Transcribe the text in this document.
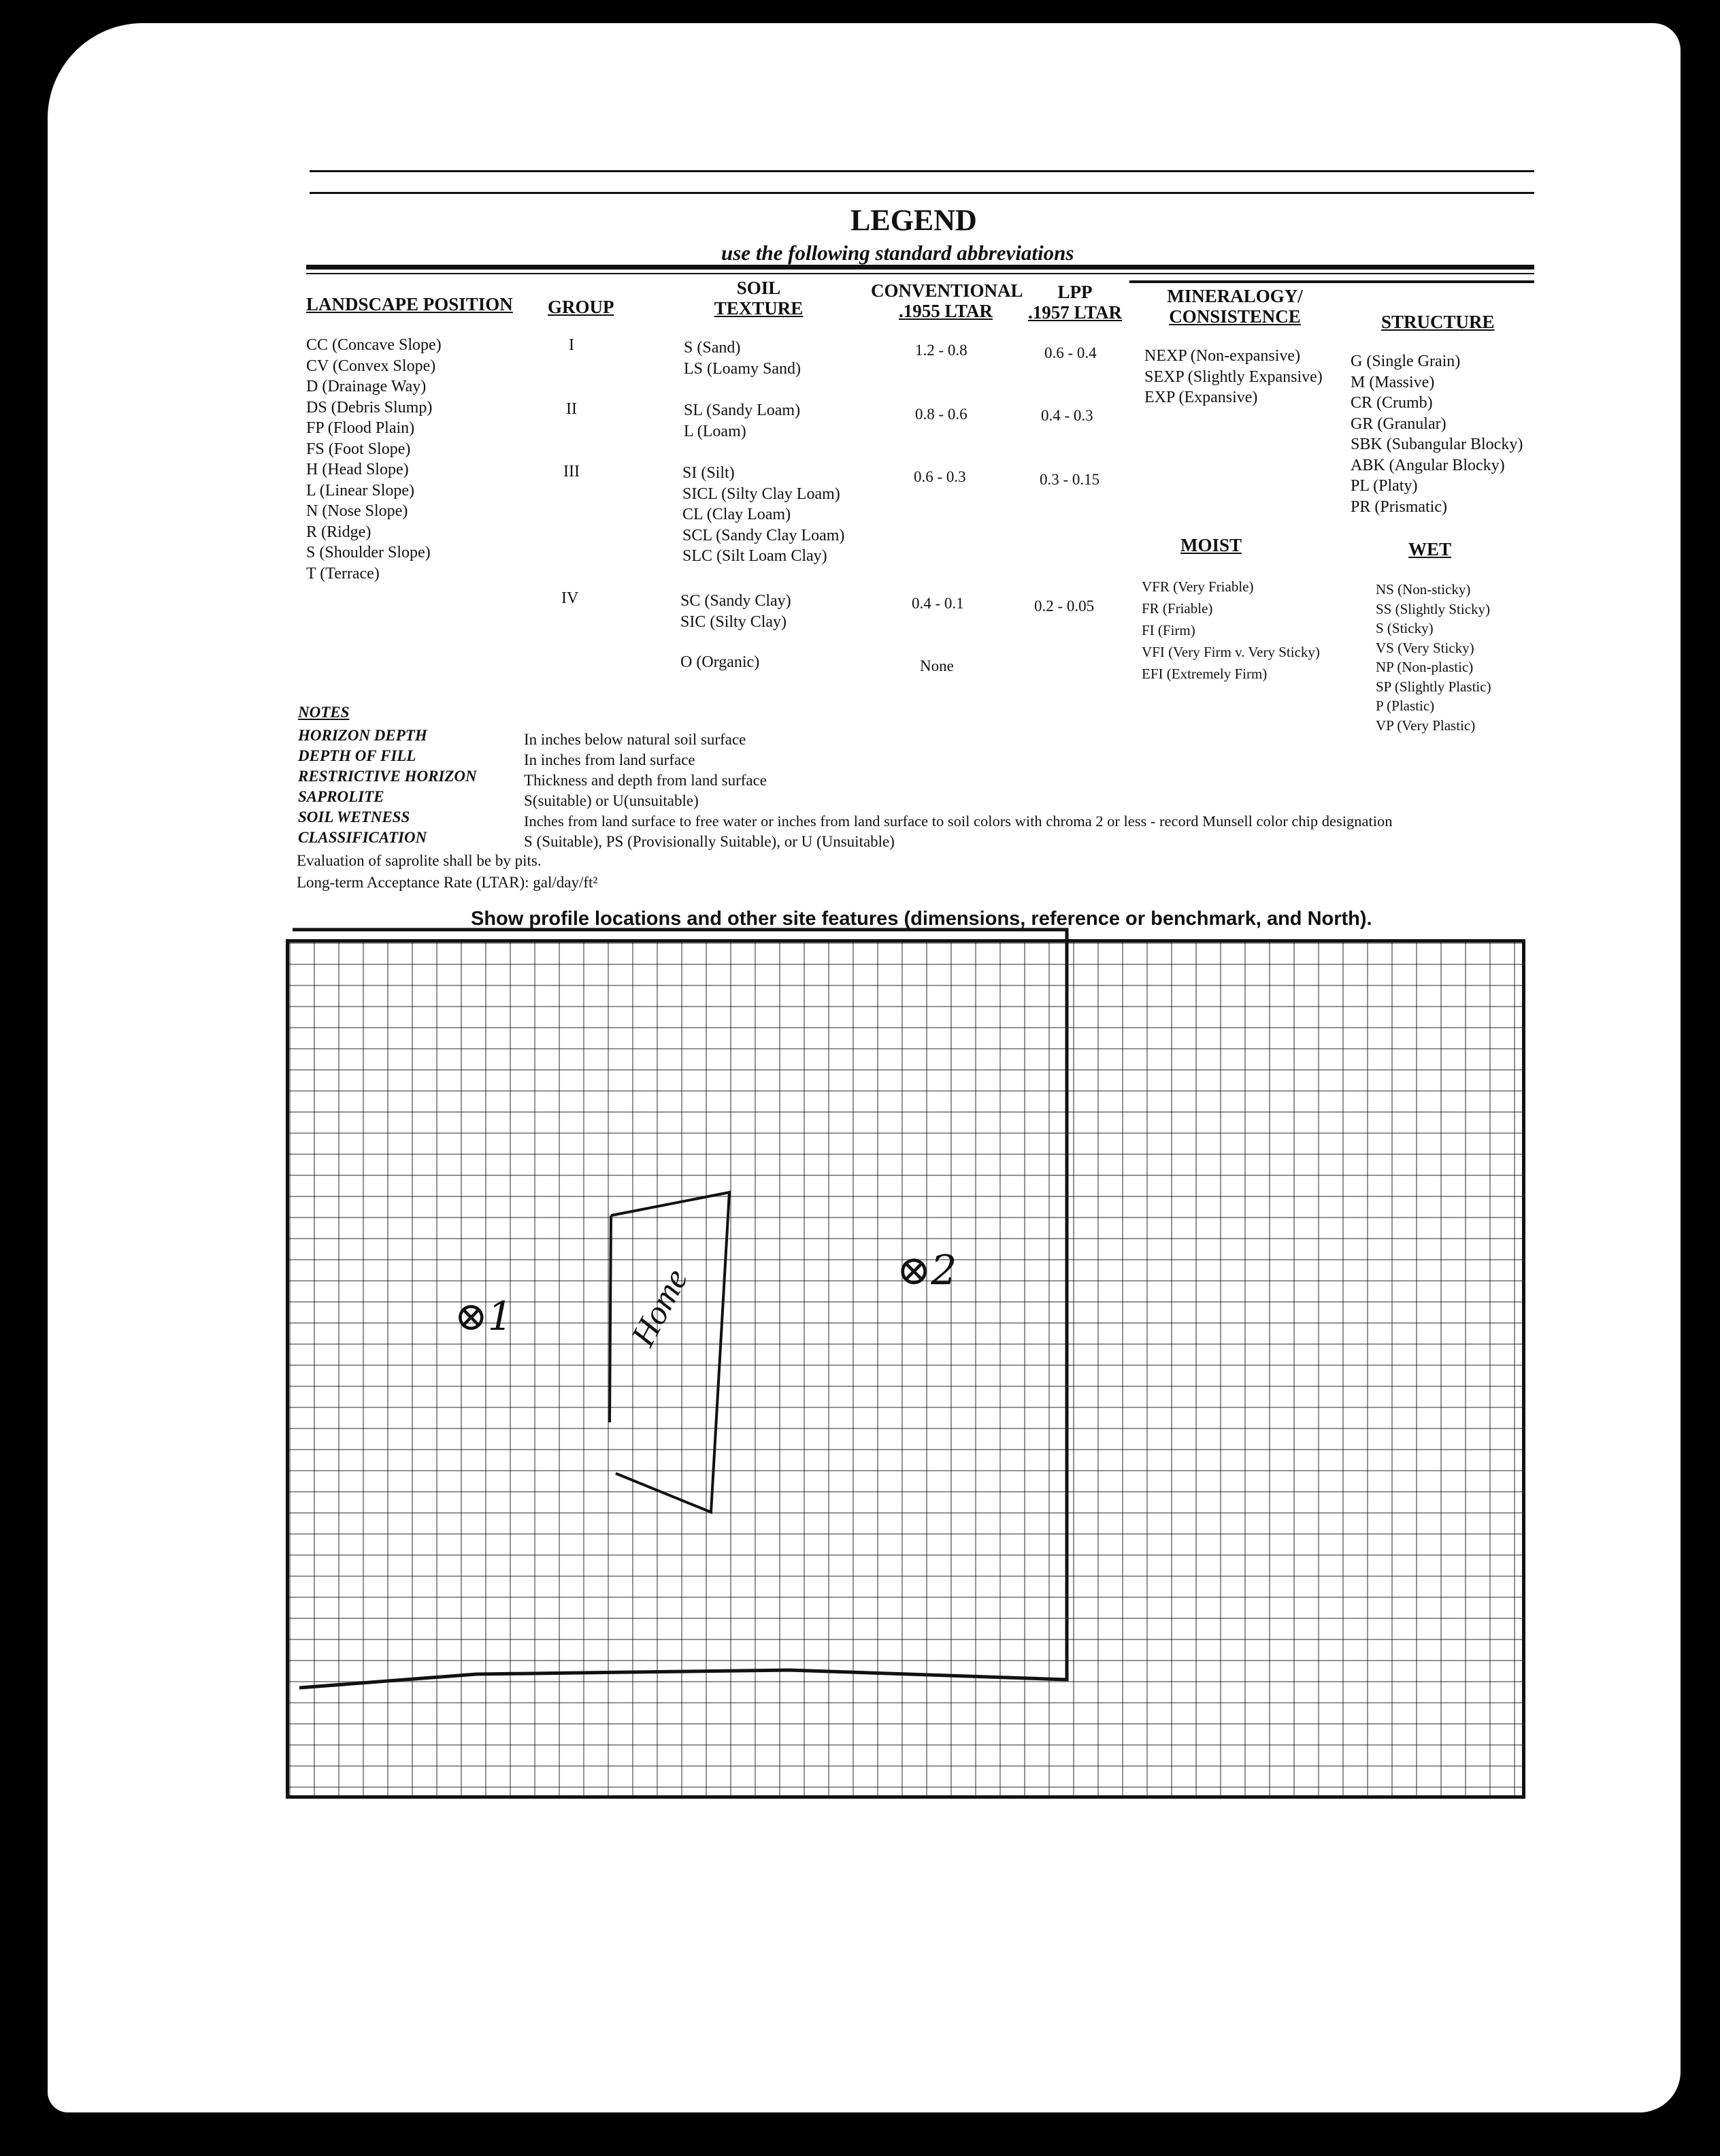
LEGEND
use the following standard abbreviations
LANDSCAPE POSITION GROUP
SOIL
TEXTURE
CONVENTIONAL
.1955 LTAR
LPP
.1957 LTAR
MINERALOGY/
CONSISTENCE	STRUCTURE
CC (Concave Slope)
CV (Convex Slope)
D (Drainage Way)
DS (Debris Slump)
FP (Flood Plain)
FS (Foot Slope)
H (Head Slope)
L (Linear Slope)
N (Nose Slope)
R (Ridge)
S (Shoulder Slope)
T (Terrace)
I
II
III
IV
S (Sand)
LS (Loamy Sand)
SL (Sandy Loam)
L (Loam)
SI (Silt)
SICL (Silty Clay Loam)
CL (Clay Loam)
SCL (Sandy Clay Loam)
SLC (Silt Loam Clay)
SC (Sandy Clay)
SIC (Silty Clay)
O (Organic)
1.2 - 0.8
0.8 - 0.6
0.6 - 0.3
0.4 - 0.1
None
0.6 - 0.4
0.4 - 0.3
0.3 - 0.15
0.2 - 0.05
NEXP (Non-expansive)
SEXP (Slightly Expansive)
EXP (Expansive)
G (Single Grain)
M (Massive)
CR (Crumb)
GR (Granular)
SBK (Subangular Blocky)
ABK (Angular Blocky)
PL (Platy)
PR (Prismatic)
MOIST	WET
VFR (Very Friable)
FR (Friable)
FI (Firm)
VFI (Very Firm v. Very Sticky)
EFI (Extremely Firm)
NS (Non-sticky)
SS (Slightly Sticky)
S (Sticky)
VS (Very Sticky)
NP (Non-plastic)
SP (Slightly Plastic)
P (Plastic)
VP (Very Plastic)
NOTES
HORIZON DEPTH
DEPTH OF FILL
RESTRICTIVE HORIZON
SAPROLITE
SOIL WETNESS
CLASSIFICATION
In inches below natural soil surface
In inches from land surface
Thickness and depth from land surface
S(suitable) or U(unsuitable)
Inches from land surface to free water or inches from land surface to soil colors with chroma 2 or less - record Munsell color chip designation
S (Suitable), PS (Provisionally Suitable), or U (Unsuitable)
Evaluation of saprolite shall be by pits.
Long-term Acceptance Rate (LTAR): gal/day/ft²
Show profile locations and other site features (dimensions, reference or benchmark, and North).
⊗1
⊗2
Home
